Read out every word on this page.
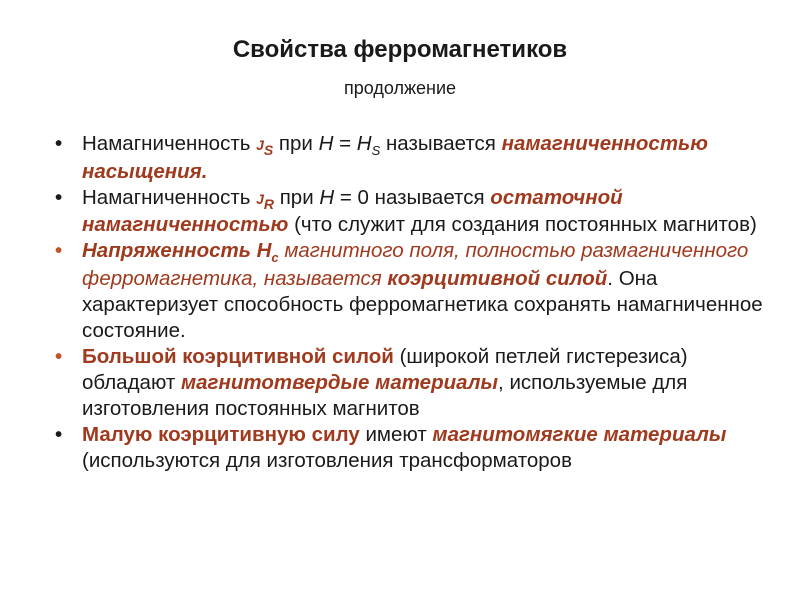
Свойства ферромагнетиков
продолжение
• Намагниченность $J_S$ при $H = H_S$ называется намагниченностью насыщения.
• Намагниченность $J_R$ при H = 0 называется остаточной намагниченностью (что служит для создания постоянных магнитов)
• Напряженность $H_c$ магнитного поля, полностью размагниченного ферромагнетика, называется коэрцитивной силой. Она характеризует способность ферромагнетика сохранять намагниченное состояние.
• Большой коэрцитивной силой (широкой петлей гистерезиса) обладают магнитотвердые материалы, используемые для изготовления постоянных магнитов
• Малую коэрцитивную силу имеют магнитомягкие материалы (используются для изготовления трансформаторов
